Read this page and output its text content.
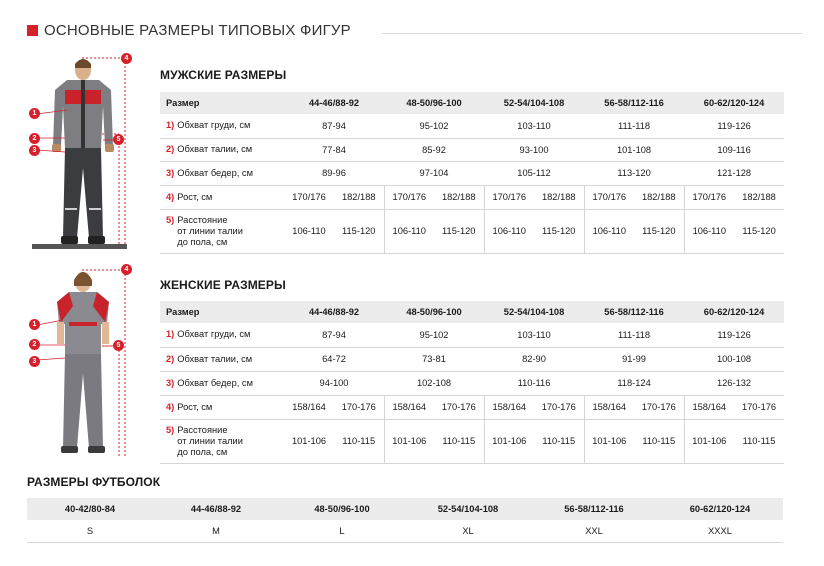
ОСНОВНЫЕ РАЗМЕРЫ ТИПОВЫХ ФИГУР
1
2
3
4
5
1
2
3
4
5
МУЖСКИЕ РАЗМЕРЫ
Размер	44-46/88-92		48-50/96-100		52-54/104-108		56-58/112-116		60-62/120-124	
1) Обхват груди, см	87-94		95-102		103-110		111-118		119-126	
2) Обхват талии, см	77-84		85-92		93-100		101-108		109-116	
3) Обхват бедер, см	89-96		97-104		105-112		113-120		121-128	
4) Рост, см	170/176	182/188	170/176	182/188	170/176	182/188	170/176	182/188	170/176	182/188

5) Расстояние
от линии талии
до пола, см	106-110	115-120	106-110	115-120	106-110	115-120	106-110	115-120	106-110	115-120
ЖЕНСКИЕ РАЗМЕРЫ
Размер	44-46/88-92		48-50/96-100		52-54/104-108		56-58/112-116		60-62/120-124	
1) Обхват груди, см	87-94		95-102		103-110		111-118		119-126	
2) Обхват талии, см	64-72		73-81		82-90		91-99		100-108	
3) Обхват бедер, см	94-100		102-108		110-116		118-124		126-132	
4) Рост, см	158/164	170-176	158/164	170-176	158/164	170-176	158/164	170-176	158/164	170-176

5) Расстояние
от линии талии
до пола, см	101-106	110-115	101-106	110-115	101-106	110-115	101-106	110-115	101-106	110-115
РАЗМЕРЫ ФУТБОЛОК
40-42/80-84	44-46/88-92	48-50/96-100	52-54/104-108	56-58/112-116	60-62/120-124
S	M	L	XL	XXL	XXXL
